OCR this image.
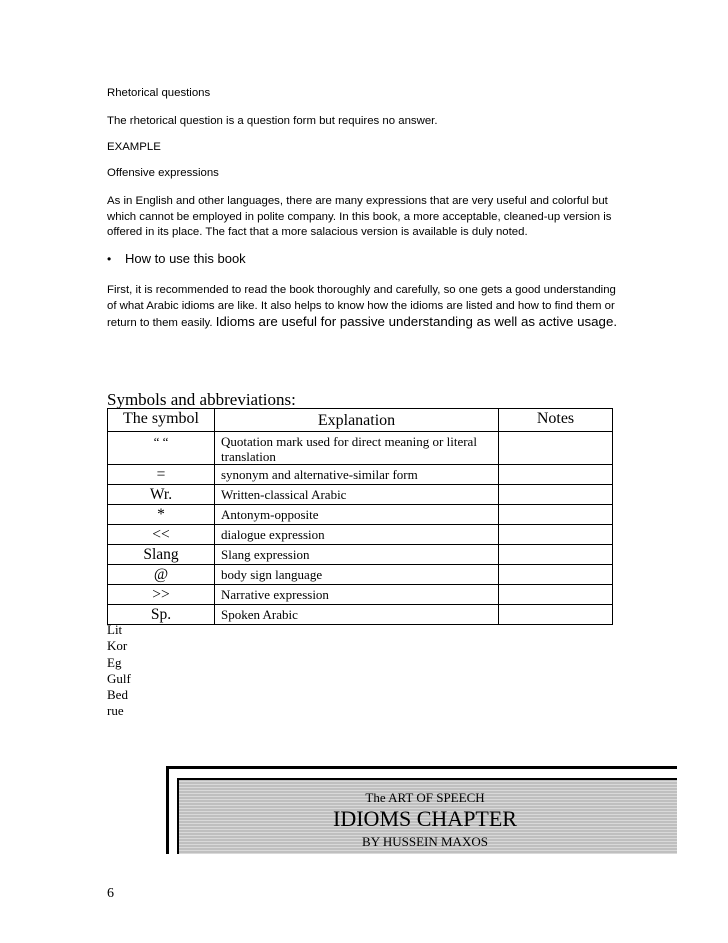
Rhetorical questions
The rhetorical question is a question form but requires no answer.
EXAMPLE
Offensive expressions
As in English and other languages, there are many expressions that are very useful and colorful but which cannot be employed in polite company. In this book, a more acceptable, cleaned-up version is offered in its place. The fact that a more salacious version is available is duly noted.
•	How to use this book
First, it is recommended to read the book thoroughly and carefully, so one gets a good understanding of what Arabic idioms are like. It also helps to know how the idioms are listed and how to find them or return to them easily. Idioms are useful for passive understanding as well as active usage.
Symbols and abbreviations:
The symbol	Explanation	Notes
“ “	Quotation mark used for direct meaning or literal translation	
=	synonym and alternative-similar form	
Wr.	Written-classical Arabic	
*	Antonym-opposite	
<<	dialogue expression	
Slang	Slang expression	
@	body sign language	
>>	Narrative expression	
Sp.	Spoken Arabic	
Lit
Kor
Eg
Gulf
Bed
rue
The ART OF SPEECH
IDIOMS CHAPTER
BY HUSSEIN MAXOS
6
